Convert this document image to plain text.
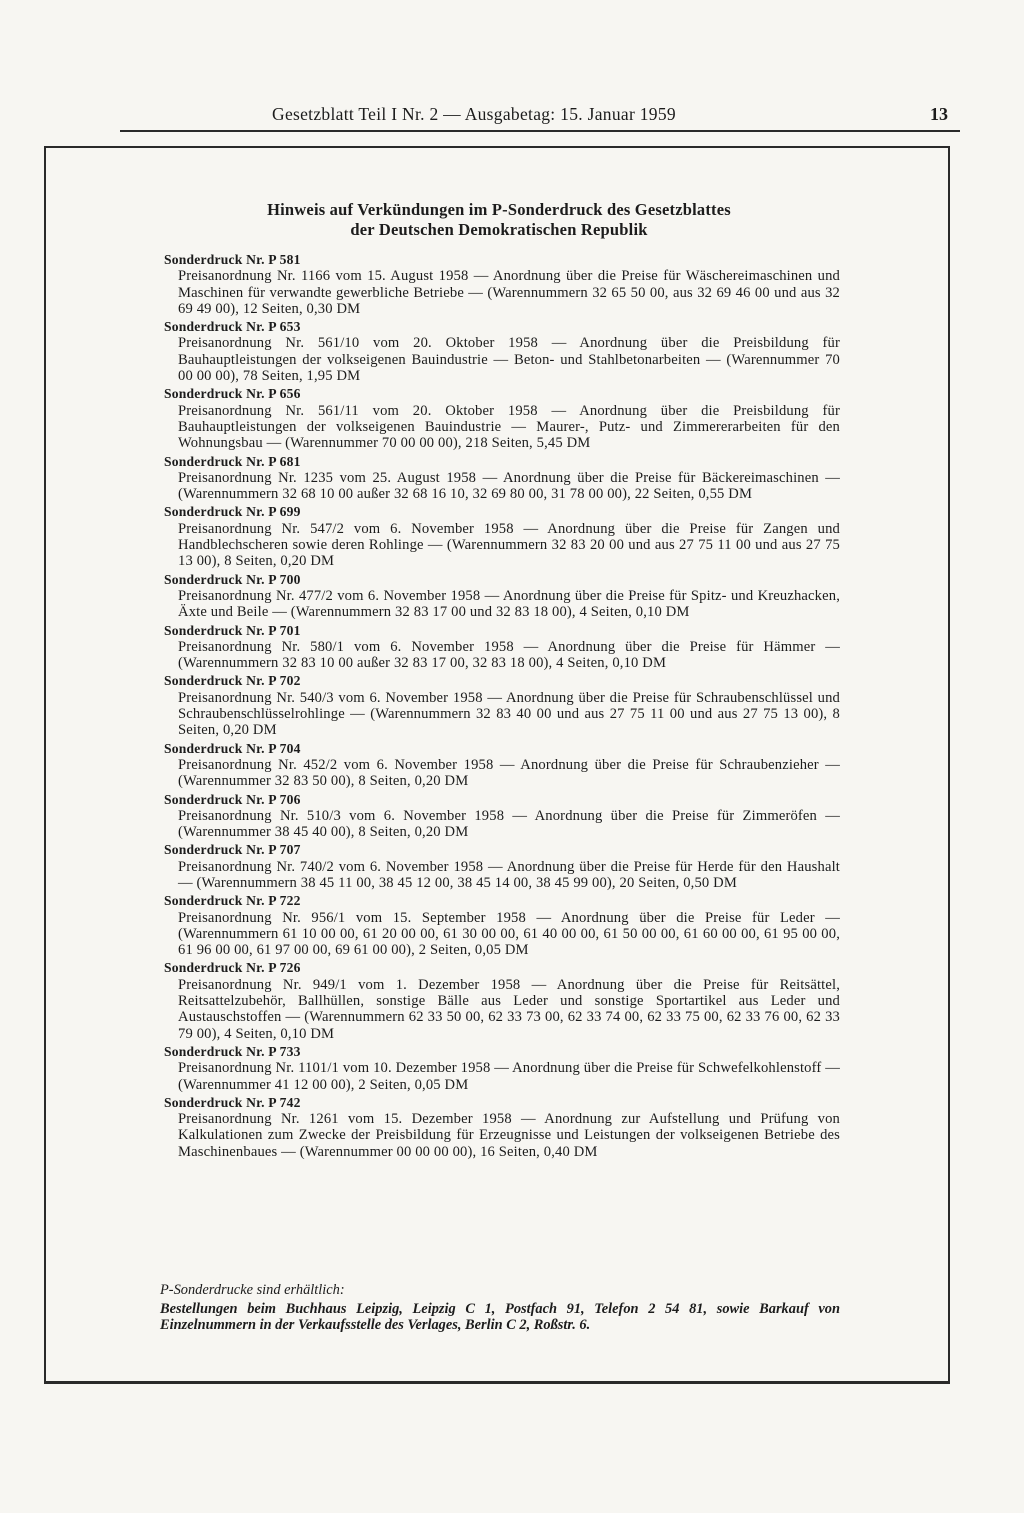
Gesetzblatt Teil I Nr. 2 — Ausgabetag: 15. Januar 1959	13
Hinweis auf Verkündungen im P-Sonderdruck des Gesetzblattes
der Deutschen Demokratischen Republik
Sonderdruck Nr. P 581
Preisanordnung Nr. 1166 vom 15. August 1958 — Anordnung über die Preise für Wäschereimaschinen und Maschinen für verwandte gewerbliche Betriebe — (Warennummern 32 65 50 00, aus 32 69 46 00 und aus 32 69 49 00), 12 Seiten, 0,30 DM
Sonderdruck Nr. P 653
Preisanordnung Nr. 561/10 vom 20. Oktober 1958 — Anordnung über die Preisbildung für Bauhauptleistungen der volkseigenen Bauindustrie — Beton- und Stahlbetonarbeiten — (Warennummer 70 00 00 00), 78 Seiten, 1,95 DM
Sonderdruck Nr. P 656
Preisanordnung Nr. 561/11 vom 20. Oktober 1958 — Anordnung über die Preisbildung für Bauhauptleistungen der volkseigenen Bauindustrie — Maurer-, Putz- und Zimmererarbeiten für den Wohnungsbau — (Warennummer 70 00 00 00), 218 Seiten, 5,45 DM
Sonderdruck Nr. P 681
Preisanordnung Nr. 1235 vom 25. August 1958 — Anordnung über die Preise für Bäckereimaschinen — (Warennummern 32 68 10 00 außer 32 68 16 10, 32 69 80 00, 31 78 00 00), 22 Seiten, 0,55 DM
Sonderdruck Nr. P 699
Preisanordnung Nr. 547/2 vom 6. November 1958 — Anordnung über die Preise für Zangen und Handblechscheren sowie deren Rohlinge — (Warennummern 32 83 20 00 und aus 27 75 11 00 und aus 27 75 13 00), 8 Seiten, 0,20 DM
Sonderdruck Nr. P 700
Preisanordnung Nr. 477/2 vom 6. November 1958 — Anordnung über die Preise für Spitz- und Kreuzhacken, Äxte und Beile — (Warennummern 32 83 17 00 und 32 83 18 00), 4 Seiten, 0,10 DM
Sonderdruck Nr. P 701
Preisanordnung Nr. 580/1 vom 6. November 1958 — Anordnung über die Preise für Hämmer — (Warennummern 32 83 10 00 außer 32 83 17 00, 32 83 18 00), 4 Seiten, 0,10 DM
Sonderdruck Nr. P 702
Preisanordnung Nr. 540/3 vom 6. November 1958 — Anordnung über die Preise für Schraubenschlüssel und Schraubenschlüsselrohlinge — (Warennummern 32 83 40 00 und aus 27 75 11 00 und aus 27 75 13 00), 8 Seiten, 0,20 DM
Sonderdruck Nr. P 704
Preisanordnung Nr. 452/2 vom 6. November 1958 — Anordnung über die Preise für Schraubenzieher — (Warennummer 32 83 50 00), 8 Seiten, 0,20 DM
Sonderdruck Nr. P 706
Preisanordnung Nr. 510/3 vom 6. November 1958 — Anordnung über die Preise für Zimmeröfen — (Warennummer 38 45 40 00), 8 Seiten, 0,20 DM
Sonderdruck Nr. P 707
Preisanordnung Nr. 740/2 vom 6. November 1958 — Anordnung über die Preise für Herde für den Haushalt — (Warennummern 38 45 11 00, 38 45 12 00, 38 45 14 00, 38 45 99 00), 20 Seiten, 0,50 DM
Sonderdruck Nr. P 722
Preisanordnung Nr. 956/1 vom 15. September 1958 — Anordnung über die Preise für Leder — (Warennummern 61 10 00 00, 61 20 00 00, 61 30 00 00, 61 40 00 00, 61 50 00 00, 61 60 00 00, 61 95 00 00, 61 96 00 00, 61 97 00 00, 69 61 00 00), 2 Seiten, 0,05 DM
Sonderdruck Nr. P 726
Preisanordnung Nr. 949/1 vom 1. Dezember 1958 — Anordnung über die Preise für Reitsättel, Reitsattelzubehör, Ballhüllen, sonstige Bälle aus Leder und sonstige Sportartikel aus Leder und Austauschstoffen — (Warennummern 62 33 50 00, 62 33 73 00, 62 33 74 00, 62 33 75 00, 62 33 76 00, 62 33 79 00), 4 Seiten, 0,10 DM
Sonderdruck Nr. P 733
Preisanordnung Nr. 1101/1 vom 10. Dezember 1958 — Anordnung über die Preise für Schwefelkohlenstoff — (Warennummer 41 12 00 00), 2 Seiten, 0,05 DM
Sonderdruck Nr. P 742
Preisanordnung Nr. 1261 vom 15. Dezember 1958 — Anordnung zur Aufstellung und Prüfung von Kalkulationen zum Zwecke der Preisbildung für Erzeugnisse und Leistungen der volkseigenen Betriebe des Maschinenbaues — (Warennummer 00 00 00 00), 16 Seiten, 0,40 DM
P-Sonderdrucke sind erhältlich:
Bestellungen beim Buchhaus Leipzig, Leipzig C 1, Postfach 91, Telefon 2 54 81, sowie Barkauf von Einzelnummern in der Verkaufsstelle des Verlages, Berlin C 2, Roßstr. 6.
